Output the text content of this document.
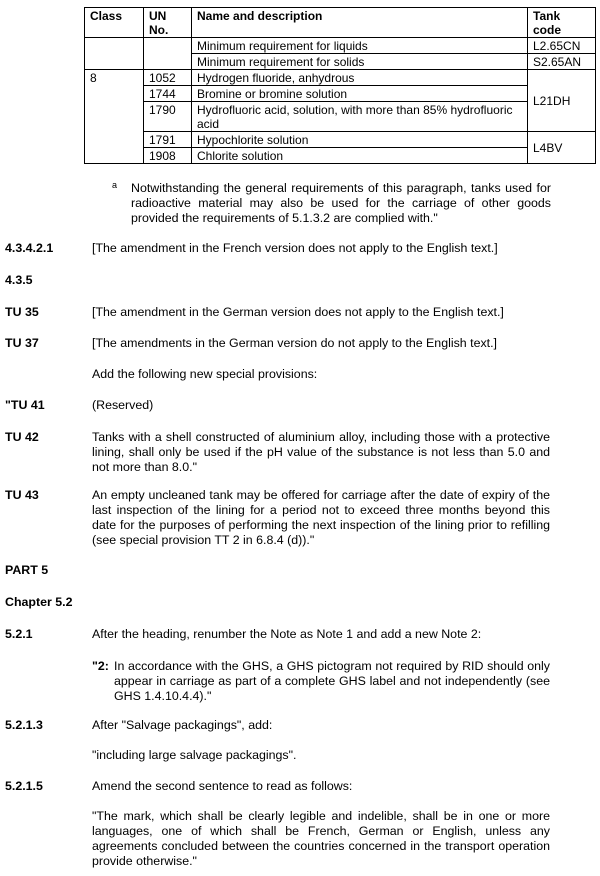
Class	UN No.	Name and description	Tank code
		Minimum requirement for liquids	L2.65CN
		Minimum requirement for solids	S2.65AN
8	1052	Hydrogen fluoride, anhydrous	L21DH
	1744	Bromine or bromine solution	
	1790	Hydrofluoric acid, solution, with more than 85% hydrofluoric acid	
	1791	Hypochlorite solution	L4BV
	1908	Chlorite solution	
a Notwithstanding the general requirements of this paragraph, tanks used for radioactive material may also be used for the carriage of other goods provided the requirements of 5.1.3.2 are complied with."
4.3.4.2.1	[The amendment in the French version does not apply to the English text.]
4.3.5
TU 35	[The amendment in the German version does not apply to the English text.]
TU 37	[The amendments in the German version do not apply to the English text.]
Add the following new special provisions:
"TU 41	(Reserved)
TU 42	Tanks with a shell constructed of aluminium alloy, including those with a protective lining, shall only be used if the pH value of the substance is not less than 5.0 and not more than 8.0."
TU 43	An empty uncleaned tank may be offered for carriage after the date of expiry of the last inspection of the lining for a period not to exceed three months beyond this date for the purposes of performing the next inspection of the lining prior to refilling (see special provision TT 2 in 6.8.4 (d))."
PART 5
Chapter 5.2
5.2.1	After the heading, renumber the Note as Note 1 and add a new Note 2:
"2: In accordance with the GHS, a GHS pictogram not required by RID should only appear in carriage as part of a complete GHS label and not independently (see GHS 1.4.10.4.4)."
5.2.1.3	After "Salvage packagings", add:
"including large salvage packagings".
5.2.1.5	Amend the second sentence to read as follows:
"The mark, which shall be clearly legible and indelible, shall be in one or more languages, one of which shall be French, German or English, unless any agreements concluded between the countries concerned in the transport operation provide otherwise."
